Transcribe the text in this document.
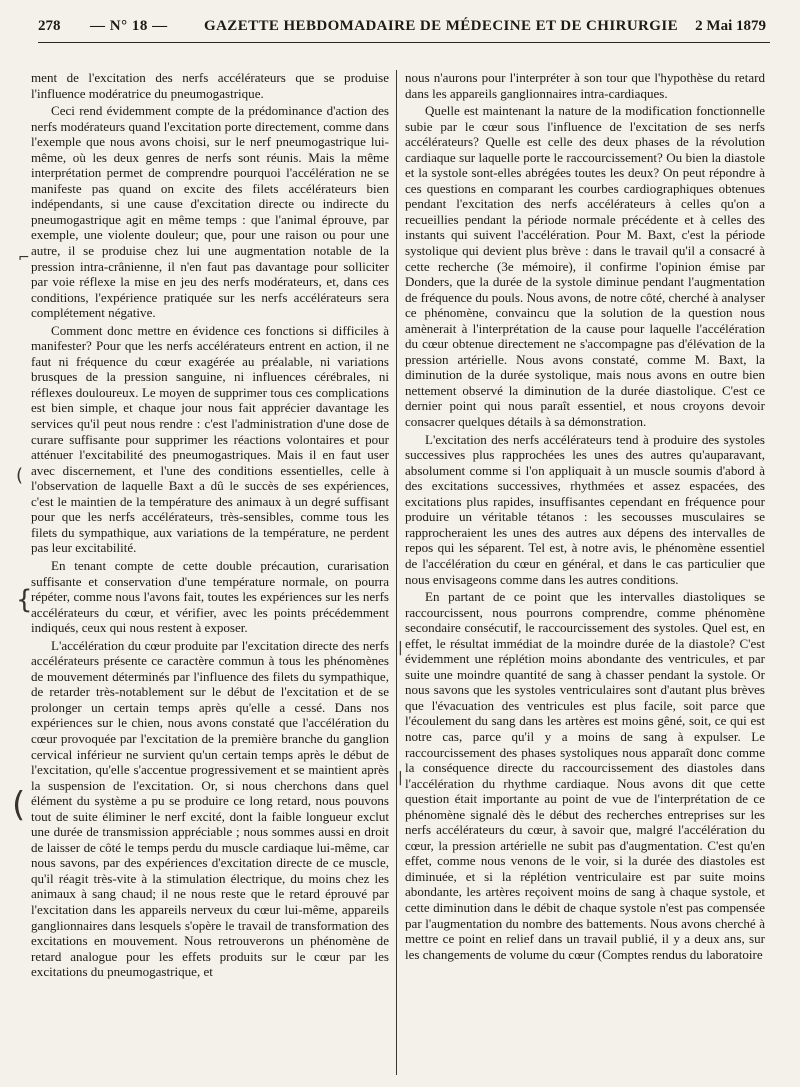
278 — N° 18 — GAZETTE HEBDOMADAIRE DE MÉDECINE ET DE CHIRURGIE 2 Mai 1879

ment de l'excitation des nerfs accélérateurs que se produise l'influence modératrice du pneumogastrique.

Ceci rend évidemment compte de la prédominance d'action des nerfs modérateurs quand l'excitation porte directement, comme dans l'exemple que nous avons choisi, sur le nerf pneumogastrique lui-même, où les deux genres de nerfs sont réunis. Mais la même interprétation permet de comprendre pourquoi l'accélération ne se manifeste pas quand on excite des filets accélérateurs bien indépendants, si une cause d'excitation directe ou indirecte du pneumogastrique agit en même temps : que l'animal éprouve, par exemple, une violente douleur; que, pour une raison ou pour une autre, il se produise chez lui une augmentation notable de la pression intra-crânienne, il n'en faut pas davantage pour solliciter par voie réflexe la mise en jeu des nerfs modérateurs, et, dans ces conditions, l'expérience pratiquée sur les nerfs accélérateurs sera complétement négative.

Comment donc mettre en évidence ces fonctions si difficiles à manifester? Pour que les nerfs accélérateurs entrent en action, il ne faut ni fréquence du cœur exagérée au préalable, ni variations brusques de la pression sanguine, ni influences cérébrales, ni réflexes douloureux. Le moyen de supprimer tous ces complications est bien simple, et chaque jour nous fait apprécier davantage les services qu'il peut nous rendre : c'est l'administration d'une dose de curare suffisante pour supprimer les réactions volontaires et pour atténuer l'excitabilité des pneumogastriques. Mais il en faut user avec discernement, et l'une des conditions essentielles, celle à l'observation de laquelle Baxt a dû le succès de ses expériences, c'est le maintien de la température des animaux à un degré suffisant pour que les nerfs accélérateurs, très-sensibles, comme tous les filets du sympathique, aux variations de la température, ne perdent pas leur excitabilité.

En tenant compte de cette double précaution, curarisation suffisante et conservation d'une température normale, on pourra répéter, comme nous l'avons fait, toutes les expériences sur les nerfs accélérateurs du cœur, et vérifier, avec les points précédemment indiqués, ceux qui nous restent à exposer.

L'accélération du cœur produite par l'excitation directe des nerfs accélérateurs présente ce caractère commun à tous les phénomènes de mouvement déterminés par l'influence des filets du sympathique, de retarder très-notablement sur le début de l'excitation et de se prolonger un certain temps après qu'elle a cessé. Dans nos expériences sur le chien, nous avons constaté que l'accélération du cœur provoquée par l'excitation de la première branche du ganglion cervical inférieur ne survient qu'un certain temps après le début de l'excitation, qu'elle s'accentue progressivement et se maintient après la suspension de l'excitation. Or, si nous cherchons dans quel élément du système a pu se produire ce long retard, nous pouvons tout de suite éliminer le nerf excité, dont la faible longueur exclut une durée de transmission appréciable ; nous sommes aussi en droit de laisser de côté le temps perdu du muscle cardiaque lui-même, car nous savons, par des expériences d'excitation directe de ce muscle, qu'il réagit très-vite à la stimulation électrique, du moins chez les animaux à sang chaud; il ne nous reste que le retard éprouvé par l'excitation dans les appareils nerveux du cœur lui-même, appareils ganglionnaires dans lesquels s'opère le travail de transformation des excitations en mouvement. Nous retrouverons un phénomène de retard analogue pour les effets produits sur le cœur par les excitations du pneumogastrique, et

nous n'aurons pour l'interpréter à son tour que l'hypothèse du retard dans les appareils ganglionnaires intra-cardiaques.

Quelle est maintenant la nature de la modification fonctionnelle subie par le cœur sous l'influence de l'excitation de ses nerfs accélérateurs? Quelle est celle des deux phases de la révolution cardiaque sur laquelle porte le raccourcissement? Ou bien la diastole et la systole sont-elles abrégées toutes les deux? On peut répondre à ces questions en comparant les courbes cardiographiques obtenues pendant l'excitation des nerfs accélérateurs à celles qu'on a recueillies pendant la période normale précédente et à celles des instants qui suivent l'accélération. Pour M. Baxt, c'est la période systolique qui devient plus brève : dans le travail qu'il a consacré à cette recherche (3e mémoire), il confirme l'opinion émise par Donders, que la durée de la systole diminue pendant l'augmentation de fréquence du pouls. Nous avons, de notre côté, cherché à analyser ce phénomène, convaincu que la solution de la question nous amènerait à l'interprétation de la cause pour laquelle l'accélération du cœur obtenue directement ne s'accompagne pas d'élévation de la pression artérielle. Nous avons constaté, comme M. Baxt, la diminution de la durée systolique, mais nous avons en outre bien nettement observé la diminution de la durée diastolique. C'est ce dernier point qui nous paraît essentiel, et nous croyons devoir consacrer quelques détails à sa démonstration.

L'excitation des nerfs accélérateurs tend à produire des systoles successives plus rapprochées les unes des autres qu'auparavant, absolument comme si l'on appliquait à un muscle soumis d'abord à des excitations successives, rhythmées et assez espacées, des excitations plus rapides, insuffisantes cependant en fréquence pour produire un véritable tétanos : les secousses musculaires se rapprocheraient les unes des autres aux dépens des intervalles de repos qui les séparent. Tel est, à notre avis, le phénomène essentiel de l'accélération du cœur en général, et dans le cas particulier que nous envisageons comme dans les autres conditions.

En partant de ce point que les intervalles diastoliques se raccourcissent, nous pourrons comprendre, comme phénomène secondaire consécutif, le raccourcissement des systoles. Quel est, en effet, le résultat immédiat de la moindre durée de la diastole? C'est évidemment une réplétion moins abondante des ventricules, et par suite une moindre quantité de sang à chasser pendant la systole. Or nous savons que les systoles ventriculaires sont d'autant plus brèves que l'évacuation des ventricules est plus facile, soit parce que l'écoulement du sang dans les artères est moins gêné, soit, ce qui est notre cas, parce qu'il y a moins de sang à expulser. Le raccourcissement des phases systoliques nous apparaît donc comme la conséquence directe du raccourcissement des diastoles dans l'accélération du rhythme cardiaque. Nous avons dit que cette question était importante au point de vue de l'interprétation de ce phénomène signalé dès le début des recherches entreprises sur les nerfs accélérateurs du cœur, à savoir que, malgré l'accélération du cœur, la pression artérielle ne subit pas d'augmentation. C'est qu'en effet, comme nous venons de le voir, si la durée des diastoles est diminuée, et si la réplétion ventriculaire est par suite moins abondante, les artères reçoivent moins de sang à chaque systole, et cette diminution dans le débit de chaque systole n'est pas compensée par l'augmentation du nombre des battements. Nous avons cherché à mettre ce point en relief dans un travail publié, il y a deux ans, sur les changements de volume du cœur (Comptes rendus du laboratoire

⌐
(
{
(
|
|
